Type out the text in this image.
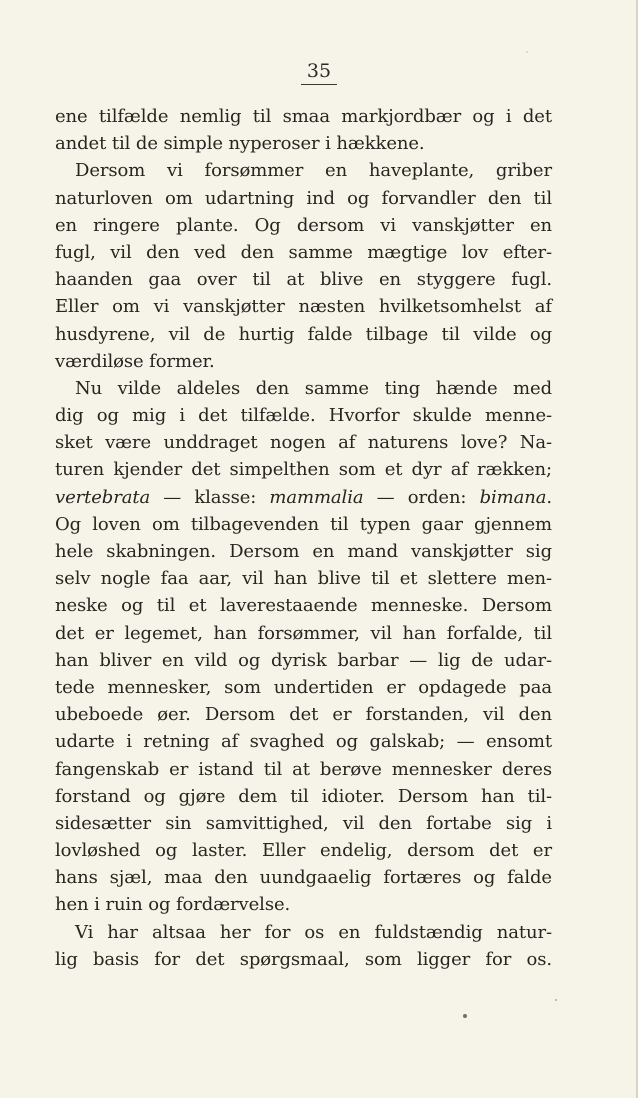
35
ene tilfælde nemlig til smaa markjordbær og i det
andet til de simple nyperoser i hækkene.
Dersom vi forsømmer en haveplante, griber
naturloven om udartning ind og forvandler den til
en ringere plante. Og dersom vi vanskjøtter en
fugl, vil den ved den samme mægtige lov efter-
haanden gaa over til at blive en styggere fugl.
Eller om vi vanskjøtter næsten hvilketsomhelst af
husdyrene, vil de hurtig falde tilbage til vilde og
værdiløse former.
Nu vilde aldeles den samme ting hænde med
dig og mig i det tilfælde. Hvorfor skulde menne-
sket være unddraget nogen af naturens love? Na-
turen kjender det simpelthen som et dyr af rækken;
vertebrata — klasse: mammalia — orden: bimana.
Og loven om tilbagevenden til typen gaar gjennem
hele skabningen. Dersom en mand vanskjøtter sig
selv nogle faa aar, vil han blive til et slettere men-
neske og til et laverestaaende menneske. Dersom
det er legemet, han forsømmer, vil han forfalde, til
han bliver en vild og dyrisk barbar — lig de udar-
tede mennesker, som undertiden er opdagede paa
ubeboede øer. Dersom det er forstanden, vil den
udarte i retning af svaghed og galskab; — ensomt
fangenskab er istand til at berøve mennesker deres
forstand og gjøre dem til idioter. Dersom han til-
sidesætter sin samvittighed, vil den fortabe sig i
lovløshed og laster. Eller endelig, dersom det er
hans sjæl, maa den uundgaaelig fortæres og falde
hen i ruin og fordærvelse.
Vi har altsaa her for os en fuldstændig natur-
lig basis for det spørgsmaal, som ligger for os.
